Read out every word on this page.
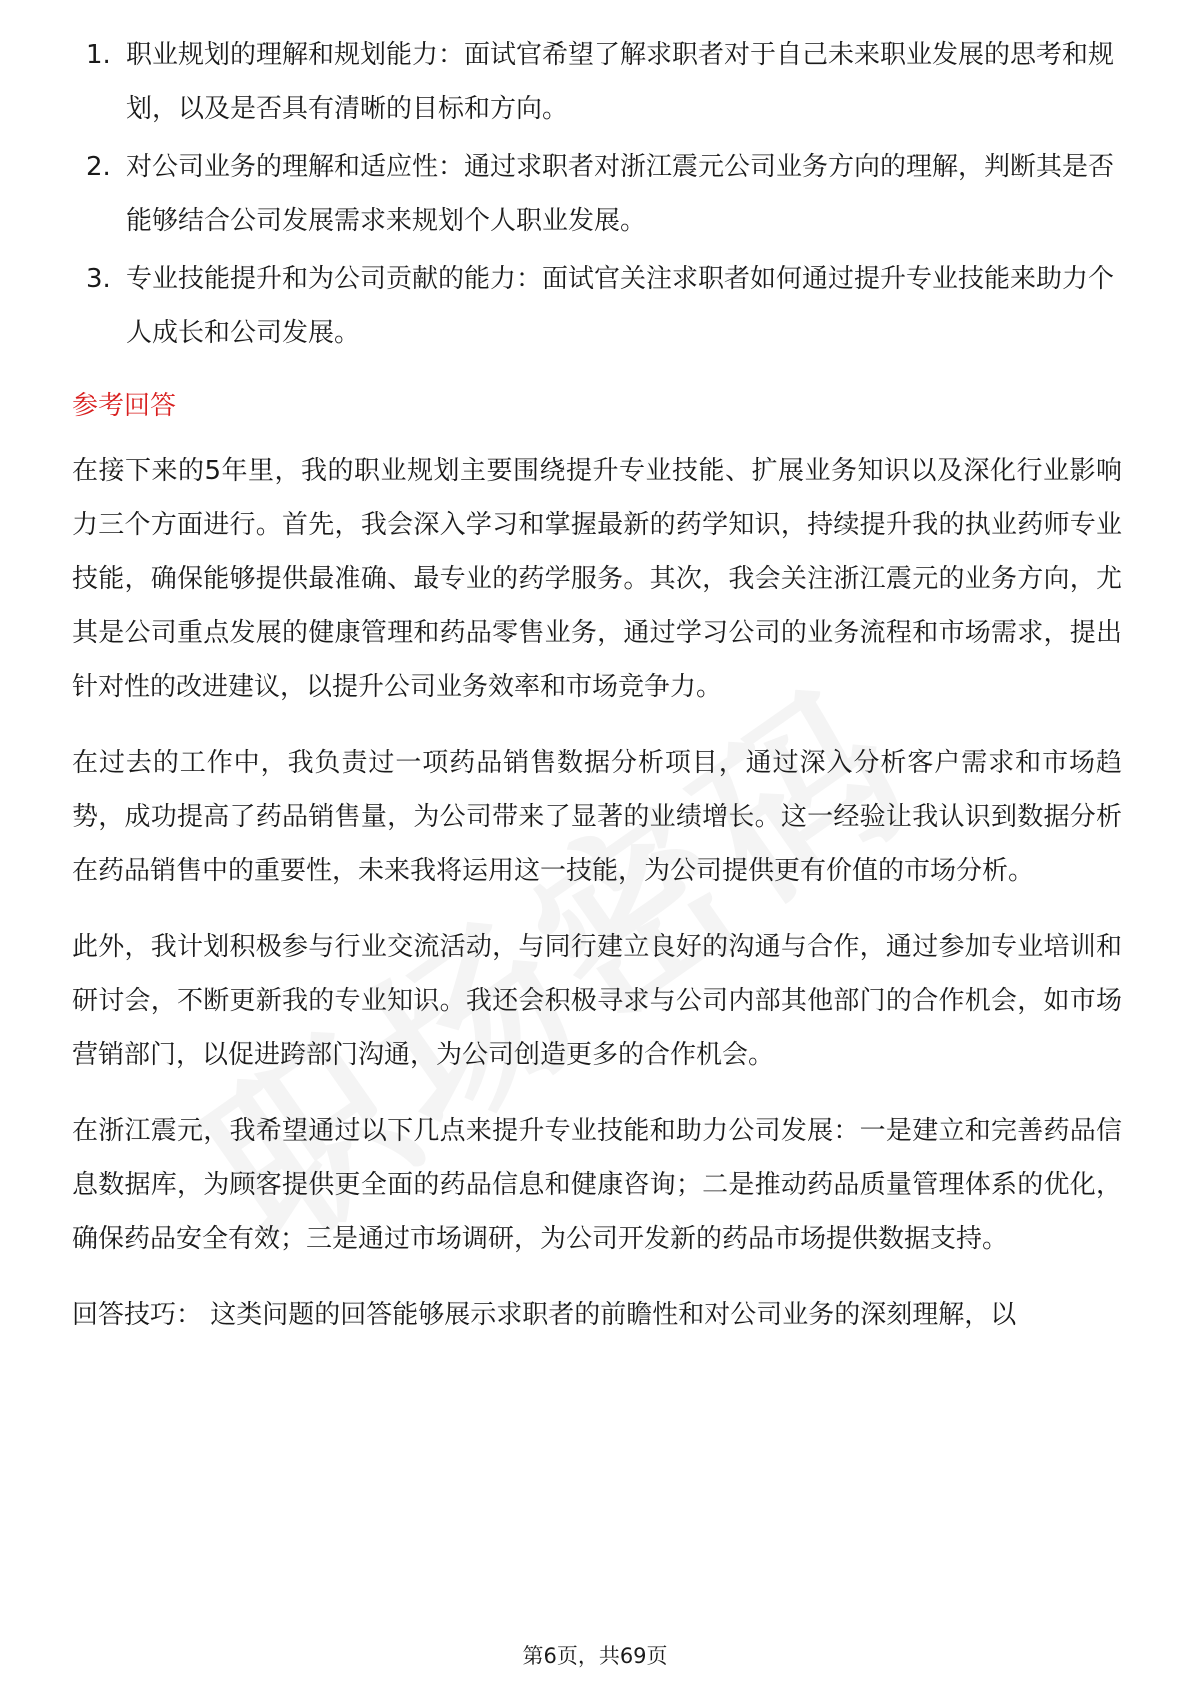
1. 职业规划的理解和规划能力：面试官希望了解求职者对于自己未来职业发展的思考和规划，以及是否具有清晰的目标和方向。
2. 对公司业务的理解和适应性：通过求职者对浙江震元公司业务方向的理解，判断其是否能够结合公司发展需求来规划个人职业发展。
3. 专业技能提升和为公司贡献的能力：面试官关注求职者如何通过提升专业技能来助力个人成长和公司发展。
参考回答

在接下来的5年里，我的职业规划主要围绕提升专业技能、扩展业务知识以及深化行业影响力三个方面进行。首先，我会深入学习和掌握最新的药学知识，持续提升我的执业药师专业技能，确保能够提供最准确、最专业的药学服务。其次，我会关注浙江震元的业务方向，尤其是公司重点发展的健康管理和药品零售业务，通过学习公司的业务流程和市场需求，提出针对性的改进建议，以提升公司业务效率和市场竞争力。

在过去的工作中，我负责过一项药品销售数据分析项目，通过深入分析客户需求和市场趋势，成功提高了药品销售量，为公司带来了显著的业绩增长。这一经验让我认识到数据分析在药品销售中的重要性，未来我将运用这一技能，为公司提供更有价值的市场分析。

此外，我计划积极参与行业交流活动，与同行建立良好的沟通与合作，通过参加专业培训和研讨会，不断更新我的专业知识。我还会积极寻求与公司内部其他部门的合作机会，如市场营销部门，以促进跨部门沟通，为公司创造更多的合作机会。

在浙江震元，我希望通过以下几点来提升专业技能和助力公司发展：一是建立和完善药品信息数据库，为顾客提供更全面的药品信息和健康咨询；二是推动药品质量管理体系的优化，确保药品安全有效；三是通过市场调研，为公司开发新的药品市场提供数据支持。

回答技巧： 这类问题的回答能够展示求职者的前瞻性和对公司业务的深刻理解，以

第6页，共69页
